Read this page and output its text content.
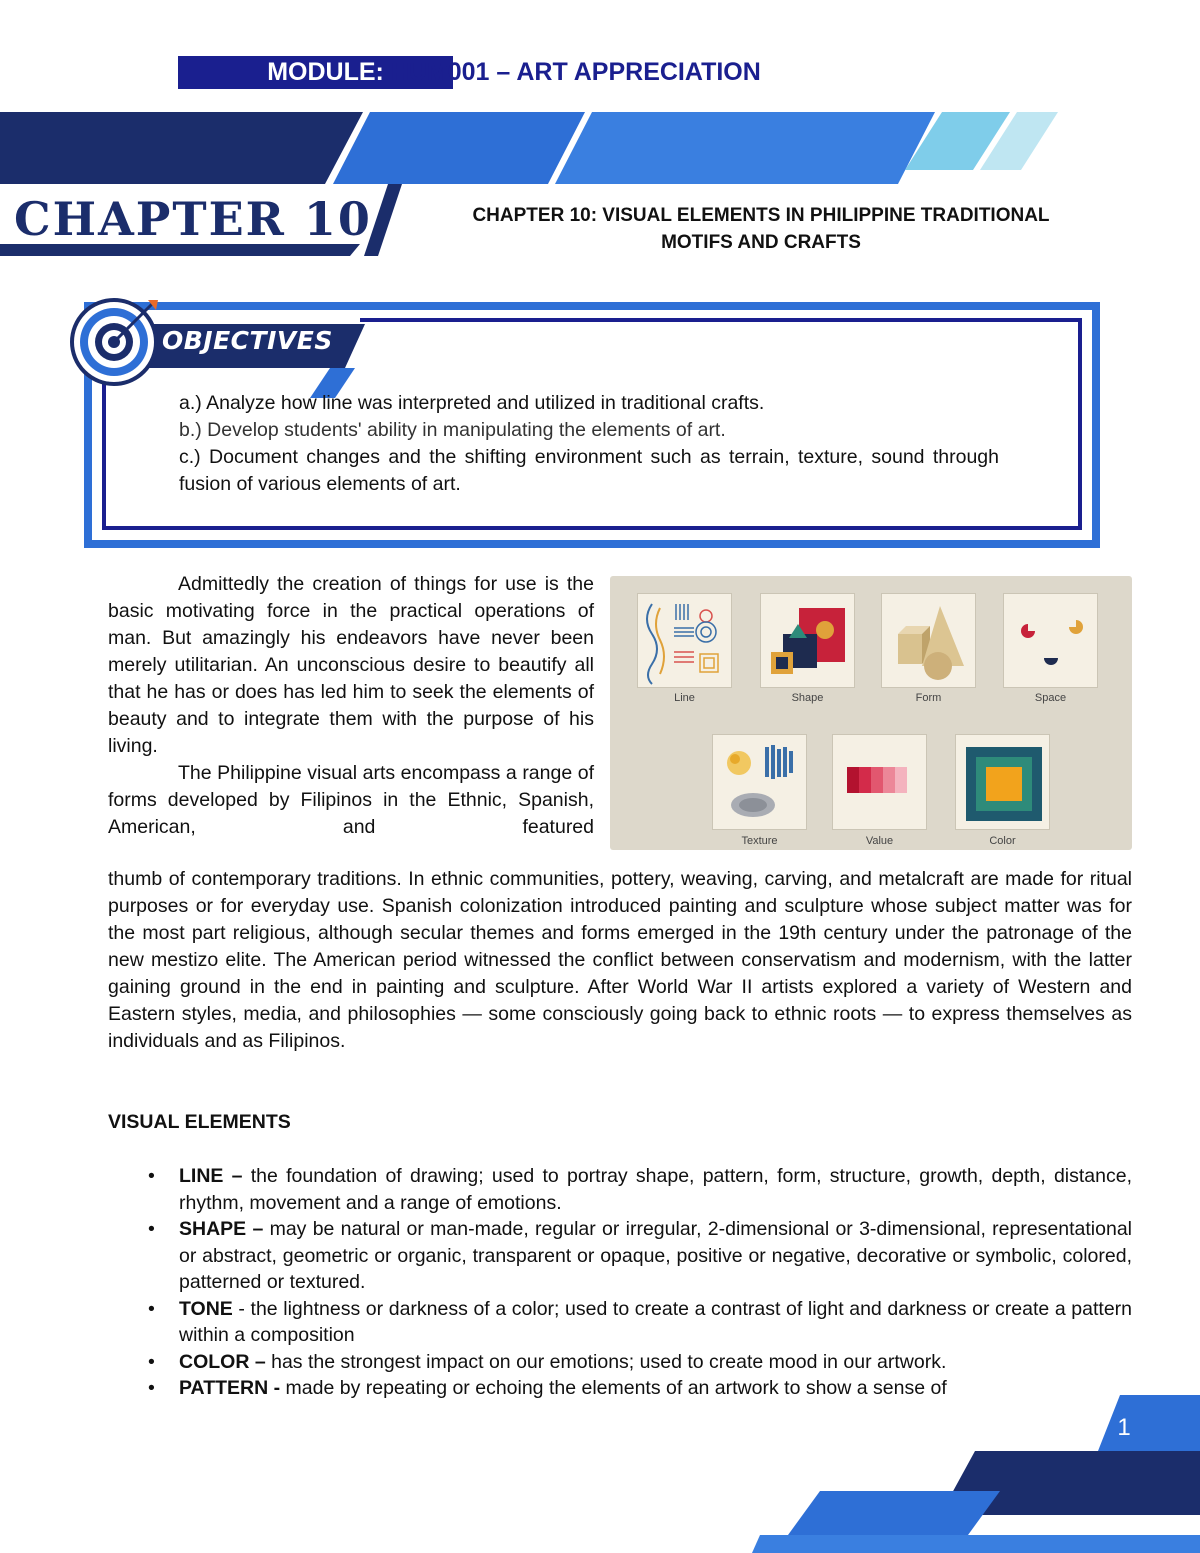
MODULE: HUM001 – ART APPRECIATION
CHAPTER 10	CHAPTER 10: VISUAL ELEMENTS IN PHILIPPINE TRADITIONAL
MOTIFS AND CRAFTS
OBJECTIVES
a.) Analyze how line was interpreted and utilized in traditional crafts.
b.) Develop students' ability in manipulating the elements of art.
c.) Document changes and the shifting environment such as terrain, texture, sound through fusion of various elements of art.

Admittedly the creation of things for use is the basic motivating force in the practical operations of man. But amazingly his endeavors have never been merely utilitarian. An unconscious desire to beautify all that he has or does has led him to seek the elements of beauty and to integrate them with the purpose of his living.

The Philippine visual arts encompass a range of forms developed by Filipinos in the Ethnic, Spanish, American, and featured

Line	Shape	Form	Space
Texture	Value	Color
thumb of contemporary traditions. In ethnic communities, pottery, weaving, carving, and metalcraft are made for ritual purposes or for everyday use. Spanish colonization introduced painting and sculpture whose subject matter was for the most part religious, although secular themes and forms emerged in the 19th century under the patronage of the new mestizo elite. The American period witnessed the conflict between conservatism and modernism, with the latter gaining ground in the end in painting and sculpture. After World War II artists explored a variety of Western and Eastern styles, media, and philosophies — some consciously going back to ethnic roots — to express themselves as individuals and as Filipinos.
VISUAL ELEMENTS
• LINE – the foundation of drawing; used to portray shape, pattern, form, structure, growth, depth, distance, rhythm, movement and a range of emotions.
• SHAPE – may be natural or man-made, regular or irregular, 2-dimensional or 3-dimensional, representational or abstract, geometric or organic, transparent or opaque, positive or negative, decorative or symbolic, colored, patterned or textured.
• TONE - the lightness or darkness of a color; used to create a contrast of light and darkness or create a pattern within a composition
• COLOR – has the strongest impact on our emotions; used to create mood in our artwork.
• PATTERN - made by repeating or echoing the elements of an artwork to show a sense of
1
